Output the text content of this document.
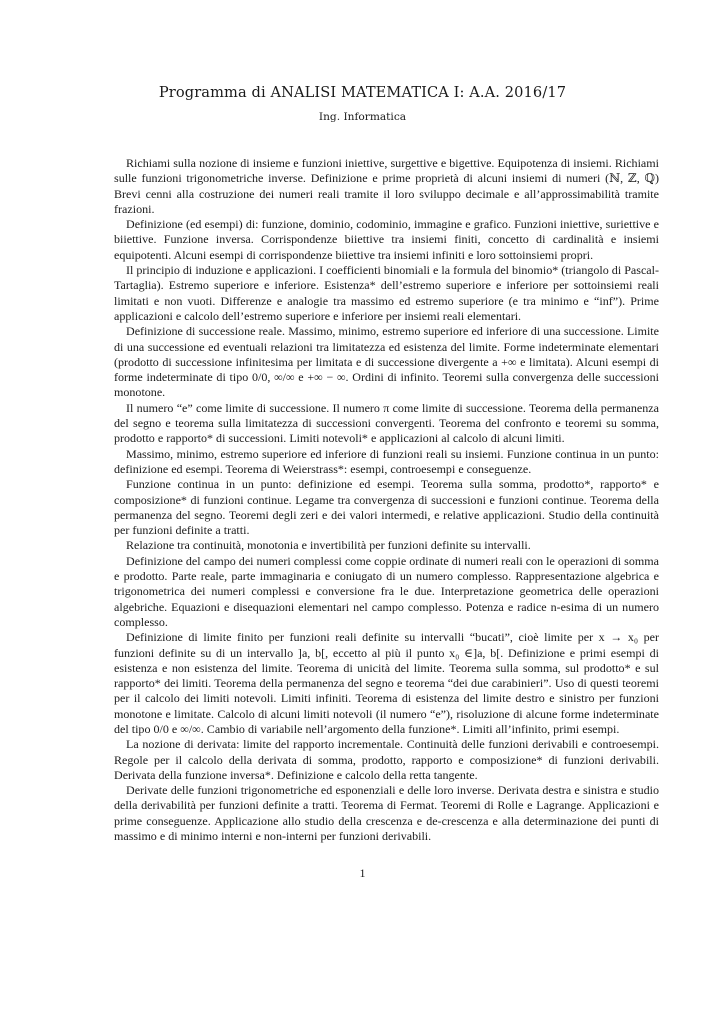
Programma di ANALISI MATEMATICA I: A.A. 2016/17
Ing. Informatica

Richiami sulla nozione di insieme e funzioni iniettive, surgettive e bigettive. Equipotenza di insiemi. Richiami sulle funzioni trigonometriche inverse. Definizione e prime proprietà di alcuni insiemi di numeri (ℕ, ℤ, ℚ) Brevi cenni alla costruzione dei numeri reali tramite il loro sviluppo decimale e all’approssimabilità tramite frazioni.

Definizione (ed esempi) di: funzione, dominio, codominio, immagine e grafico. Funzioni iniettive, suriettive e biiettive. Funzione inversa. Corrispondenze biiettive tra insiemi finiti, concetto di cardinalità e insiemi equipotenti. Alcuni esempi di corrispondenze biiettive tra insiemi infiniti e loro sottoinsiemi propri.

Il principio di induzione e applicazioni. I coefficienti binomiali e la formula del binomio* (triangolo di Pascal-Tartaglia). Estremo superiore e inferiore. Esistenza* dell’estremo superiore e inferiore per sottoinsiemi reali limitati e non vuoti. Differenze e analogie tra massimo ed estremo superiore (e tra minimo e “inf”). Prime applicazioni e calcolo dell’estremo superiore e inferiore per insiemi reali elementari.

Definizione di successione reale. Massimo, minimo, estremo superiore ed inferiore di una successione. Limite di una successione ed eventuali relazioni tra limitatezza ed esistenza del limite. Forme indeterminate elementari (prodotto di successione infinitesima per limitata e di successione divergente a +∞ e limitata). Alcuni esempi di forme indeterminate di tipo 0/0, ∞/∞ e +∞ − ∞. Ordini di infinito. Teoremi sulla convergenza delle successioni monotone.

Il numero “e” come limite di successione. Il numero π come limite di successione. Teorema della permanenza del segno e teorema sulla limitatezza di successioni convergenti. Teorema del confronto e teoremi su somma, prodotto e rapporto* di successioni. Limiti notevoli* e applicazioni al calcolo di alcuni limiti.

Massimo, minimo, estremo superiore ed inferiore di funzioni reali su insiemi. Funzione continua in un punto: definizione ed esempi. Teorema di Weierstrass*: esempi, controesempi e conseguenze.

Funzione continua in un punto: definizione ed esempi. Teorema sulla somma, prodotto*, rapporto* e composizione* di funzioni continue. Legame tra convergenza di successioni e funzioni continue. Teorema della permanenza del segno. Teoremi degli zeri e dei valori intermedi, e relative applicazioni. Studio della continuità per funzioni definite a tratti.

Relazione tra continuità, monotonia e invertibilità per funzioni definite su intervalli.

Definizione del campo dei numeri complessi come coppie ordinate di numeri reali con le operazioni di somma e prodotto. Parte reale, parte immaginaria e coniugato di un numero complesso. Rappresentazione algebrica e trigonometrica dei numeri complessi e conversione fra le due. Interpretazione geometrica delle operazioni algebriche. Equazioni e disequazioni elementari nel campo complesso. Potenza e radice n-esima di un numero complesso.

Definizione di limite finito per funzioni reali definite su intervalli “bucati”, cioè limite per x → x₀ per funzioni definite su di un intervallo ]a, b[, eccetto al più il punto x₀ ∈]a, b[. Definizione e primi esempi di esistenza e non esistenza del limite. Teorema di unicità del limite. Teorema sulla somma, sul prodotto* e sul rapporto* dei limiti. Teorema della permanenza del segno e teorema “dei due carabinieri”. Uso di questi teoremi per il calcolo dei limiti notevoli. Limiti infiniti. Teorema di esistenza del limite destro e sinistro per funzioni monotone e limitate. Calcolo di alcuni limiti notevoli (il numero “e”), risoluzione di alcune forme indeterminate del tipo 0/0 e ∞/∞. Cambio di variabile nell’argomento della funzione*. Limiti all’infinito, primi esempi.

La nozione di derivata: limite del rapporto incrementale. Continuità delle funzioni derivabili e controesempi. Regole per il calcolo della derivata di somma, prodotto, rapporto e composizione* di funzioni derivabili. Derivata della funzione inversa*. Definizione e calcolo della retta tangente.

Derivate delle funzioni trigonometriche ed esponenziali e delle loro inverse. Derivata destra e sinistra e studio della derivabilità per funzioni definite a tratti. Teorema di Fermat. Teoremi di Rolle e Lagrange. Applicazioni e prime conseguenze. Applicazione allo studio della crescenza e de-crescenza e alla determinazione dei punti di massimo e di minimo interni e non-interni per funzioni derivabili.

1
